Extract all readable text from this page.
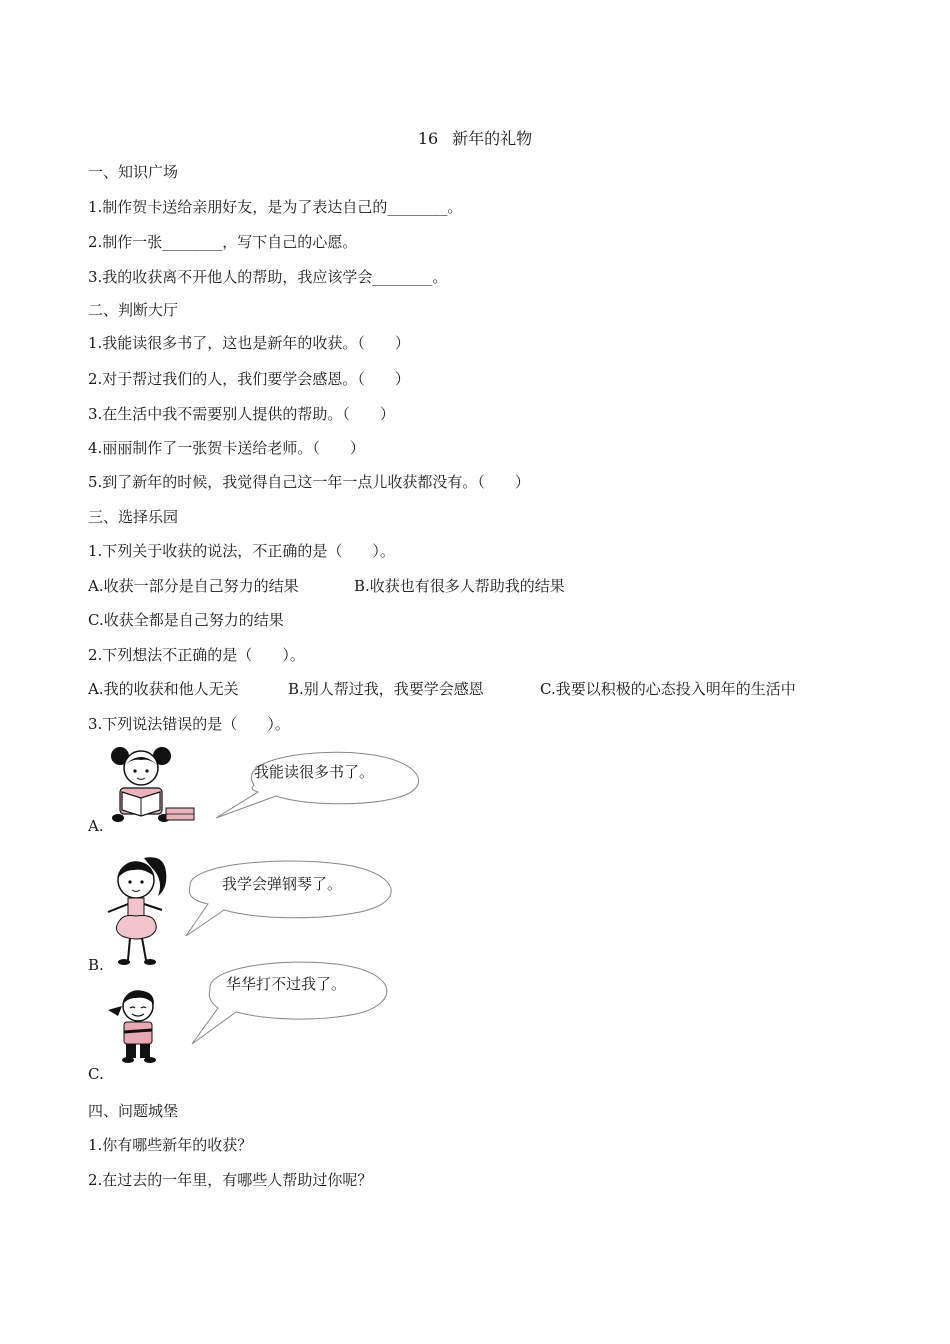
16 新年的礼物
一、知识广场
1.制作贺卡送给亲朋好友，是为了表达自己的________。
2.制作一张________，写下自己的心愿。
3.我的收获离不开他人的帮助，我应该学会________。
二、判断大厅
1.我能读很多书了，这也是新年的收获。（　　）
2.对于帮过我们的人，我们要学会感恩。（　　）
3.在生活中我不需要别人提供的帮助。（　　）
4.丽丽制作了一张贺卡送给老师。（　　）
5.到了新年的时候，我觉得自己这一年一点儿收获都没有。（　　）
三、选择乐园
1.下列关于收获的说法，不正确的是（　　）。
A.收获一部分是自己努力的结果	B.收获也有很多人帮助我的结果
C.收获全都是自己努力的结果
2.下列想法不正确的是（　　）。
A.我的收获和他人无关	B.别人帮过我，我要学会感恩	C.我要以积极的心态投入明年的生活中
3.下列说法错误的是（　　）。
我能读很多书了。
A.
我学会弹钢琴了。
B.
华华打不过我了。
C.
四、问题城堡
1.你有哪些新年的收获？
2.在过去的一年里，有哪些人帮助过你呢？
